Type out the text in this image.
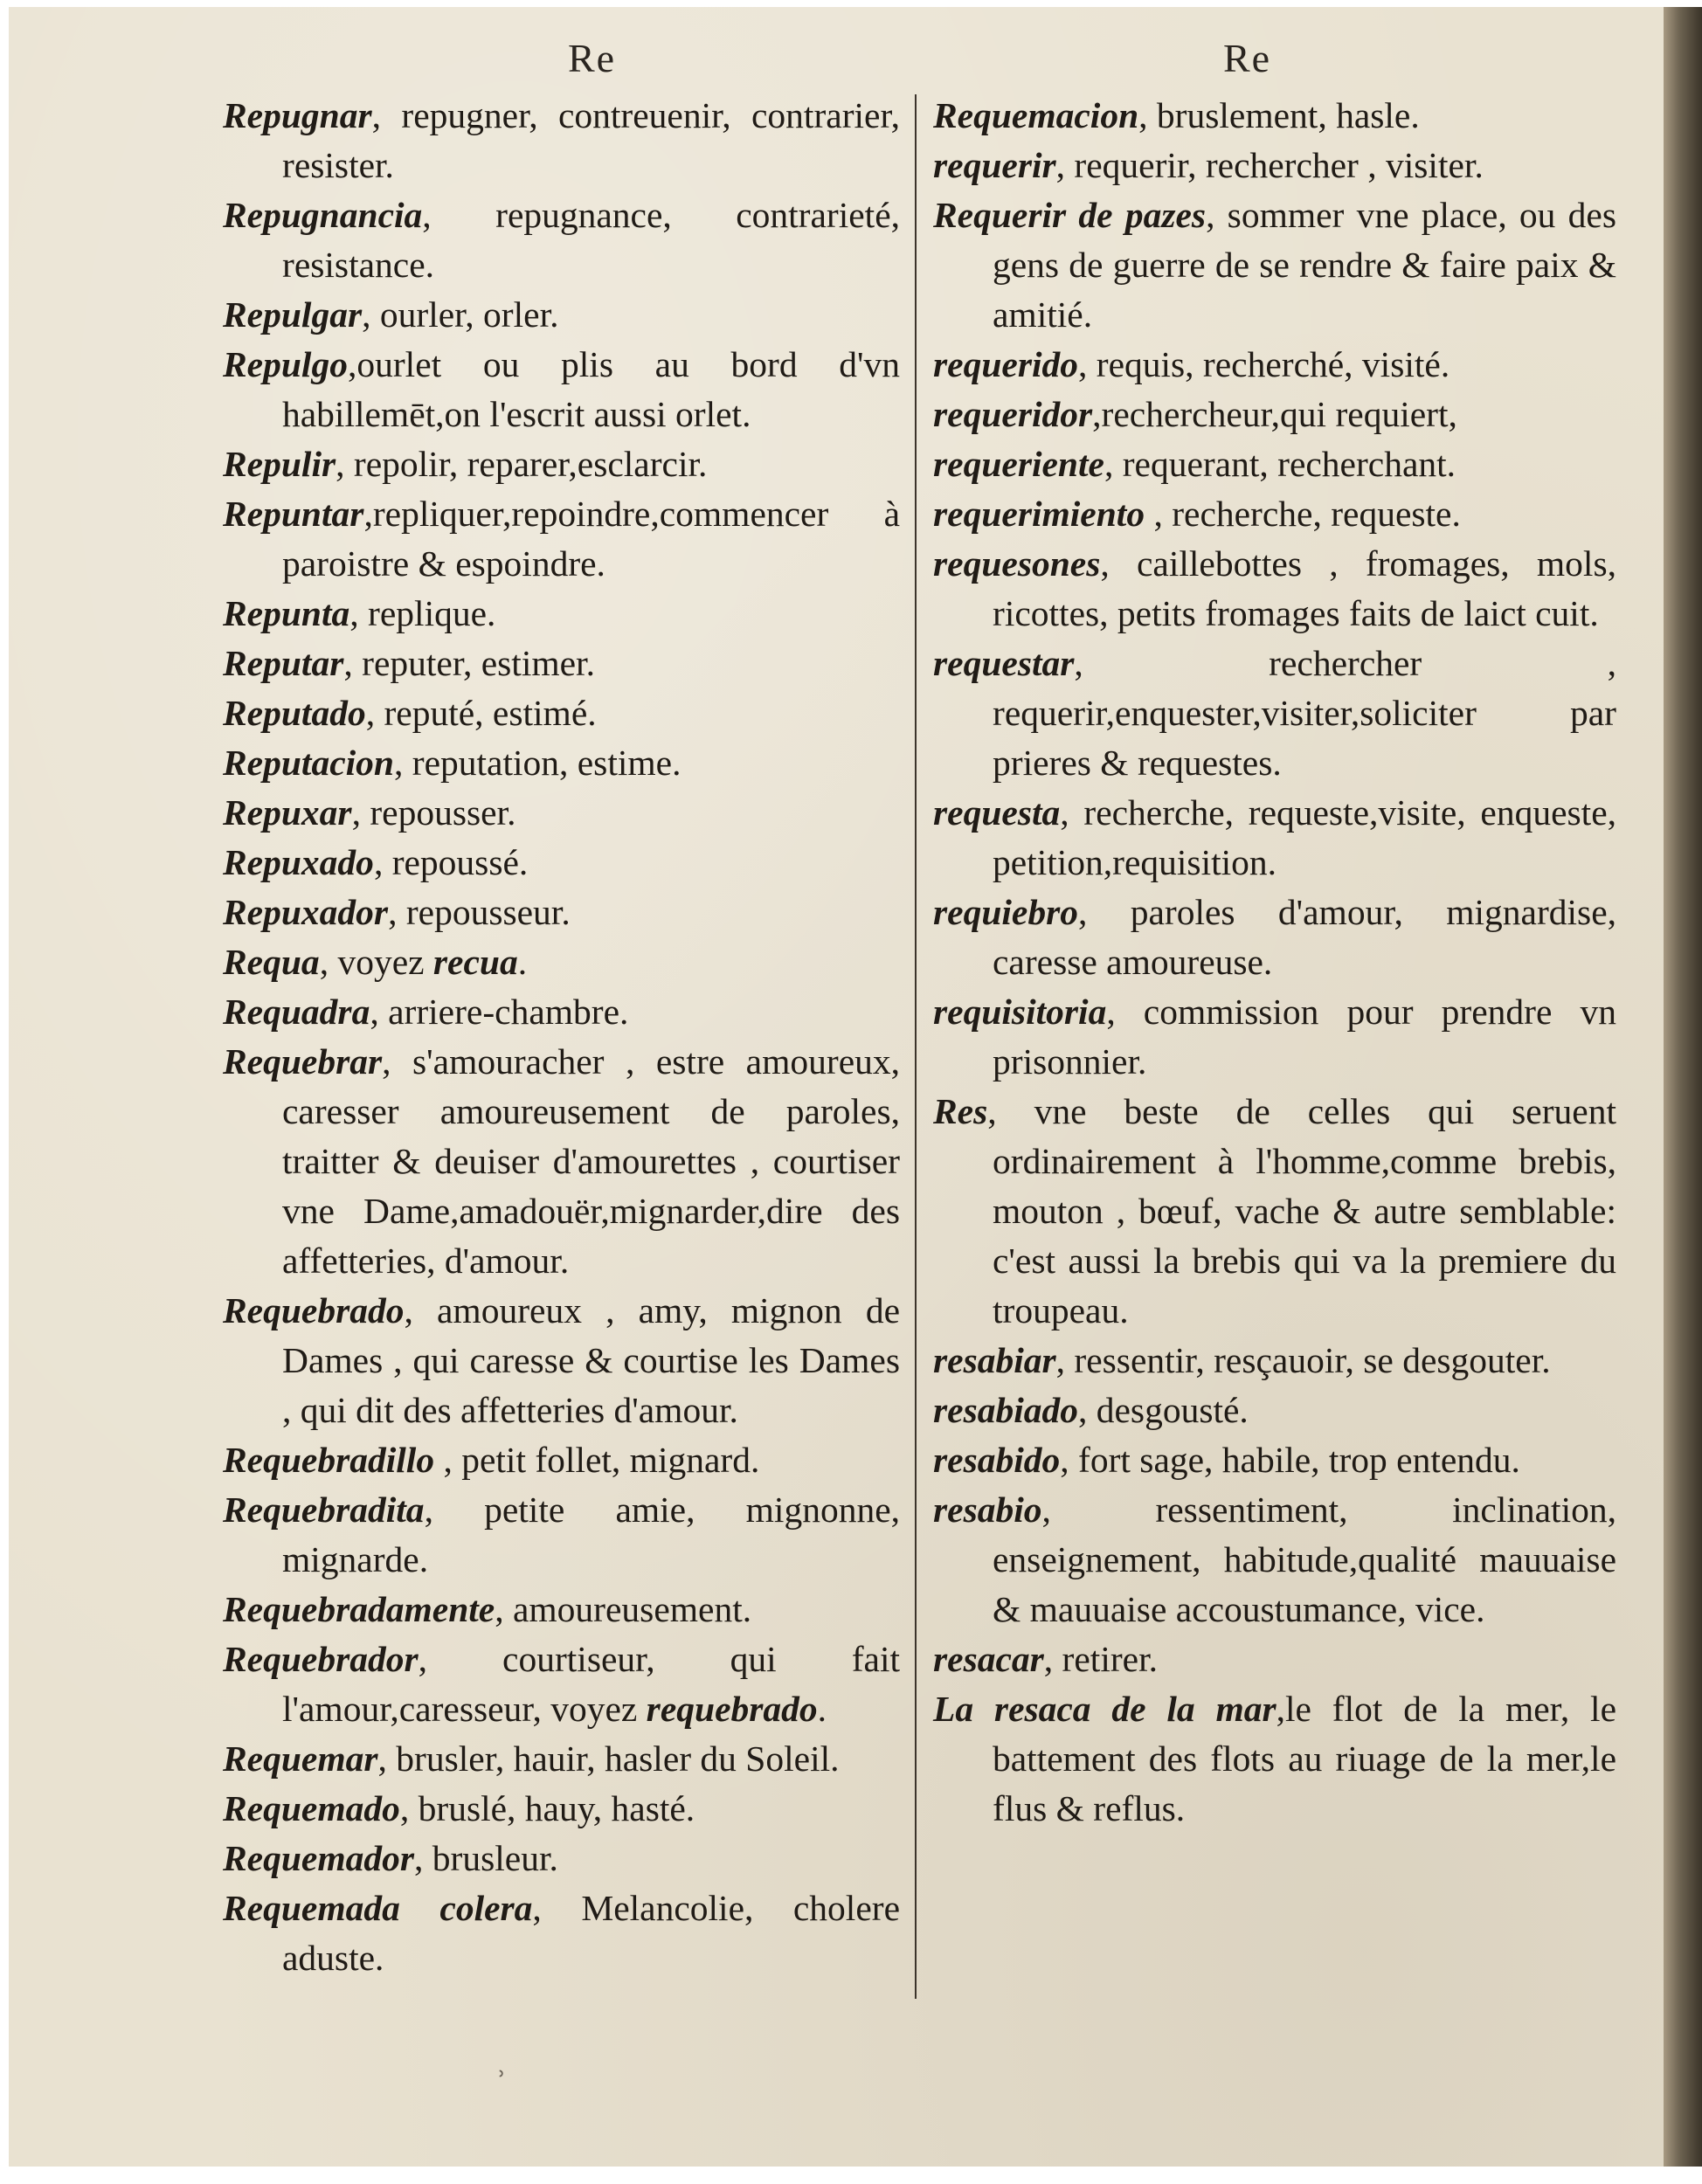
Re	Re
Repugnar, repugner, contreuenir, contrarier, resister.
Repugnancia, repugnance, contrarieté, resistance.
Repulgar, ourler, orler.
Repulgo,ourlet ou plis au bord d'vn habillemēt,on l'escrit aussi orlet.
Repulir, repolir, reparer,esclarcir.
Repuntar,repliquer,repoindre,commencer à paroistre & espoindre.
Repunta, replique.
Reputar, reputer, estimer.
Reputado, reputé, estimé.
Reputacion, reputation, estime.
Repuxar, repousser.
Repuxado, repoussé.
Repuxador, repousseur.
Requa, voyez recua.
Requadra, arriere-chambre.
Requebrar, s'amouracher , estre amoureux, caresser amoureusement de paroles, traitter & deuiser d'amourettes , courtiser vne Dame,amadouër,mignarder,dire des affetteries, d'amour.
Requebrado, amoureux , amy, mignon de Dames , qui caresse & courtise les Dames , qui dit des affetteries d'amour.
Requebradillo , petit follet, mignard.
Requebradita, petite amie, mignonne, mignarde.
Requebradamente, amoureusement.
Requebrador, courtiseur, qui fait l'amour,caresseur, voyez requebrado.
Requemar, brusler, hauir, hasler du Soleil.
Requemado, bruslé, hauy, hasté.
Requemador, brusleur.
Requemada colera, Melancolie, cholere aduste.
Requemacion, bruslement, hasle.
requerir, requerir, rechercher , visiter.
Requerir de pazes, sommer vne place, ou des gens de guerre de se rendre & faire paix & amitié.
requerido, requis, recherché, visité.
requeridor,rechercheur,qui requiert,
requeriente, requerant, recherchant.
requerimiento , recherche, requeste.
requesones, caillebottes , fromages, mols, ricottes, petits fromages faits de laict cuit.
requestar, rechercher , requerir,enquester,visiter,soliciter par prieres & requestes.
requesta, recherche, requeste,visite, enqueste, petition,requisition.
requiebro, paroles d'amour, mignardise, caresse amoureuse.
requisitoria, commission pour prendre vn prisonnier.
Res, vne beste de celles qui seruent ordinairement à l'homme,comme brebis, mouton , bœuf, vache & autre semblable: c'est aussi la brebis qui va la premiere du troupeau.
resabiar, ressentir, resçauoir, se desgouter.
resabiado, desgousté.
resabido, fort sage, habile, trop entendu.
resabio, ressentiment, inclination, enseignement, habitude,qualité mauuaise & mauuaise accoustumance, vice.
resacar, retirer.
La resaca de la mar,le flot de la mer, le battement des flots au riuage de la mer,le flus & reflus.
˒
